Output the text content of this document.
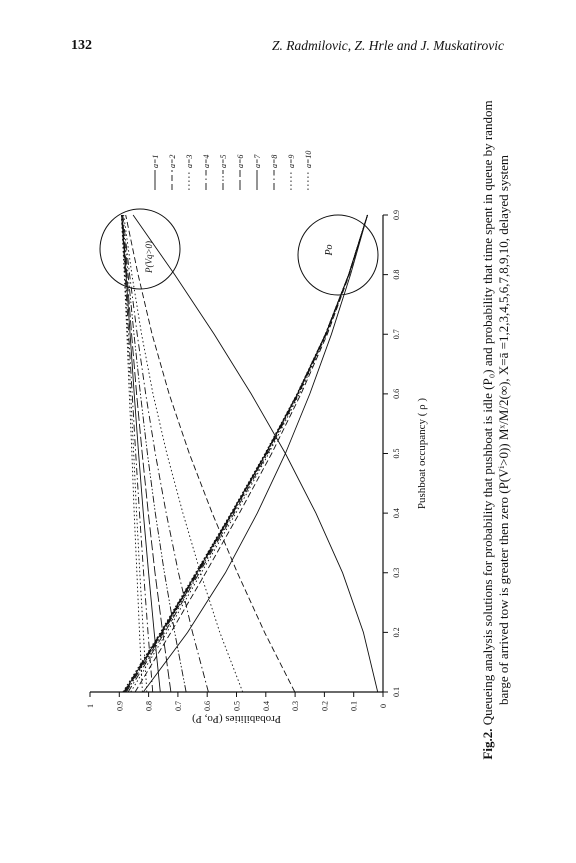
132	Z. Radmilovic, Z. Hrle and J. Muskatirovic
0.1
0.2
0.3
0.4
0.5
0.6
0.7
0.8
0.9
0
0.1
0.2
0.3
0.4
0.5
0.6
0.7
0.8
0.9
1
Pushboat occupancy ( ρ )
Probabilities (Po, P)
P(Vq>0)	Po
a=1 a=2 a=3 a=4 a=5 a=6 a=7 a=8 a=9 a=10
Fig.2. Queueing analysis solutions for probability that pushboat is idle (P₀) and probability that time spent in queue by random barge of arrived tow is greater then zero (P(Vⁱ>0)) Mˣ/M/2(∞), X=ā =1,2,3,4,5,6,7,8,9,10, delayed system
